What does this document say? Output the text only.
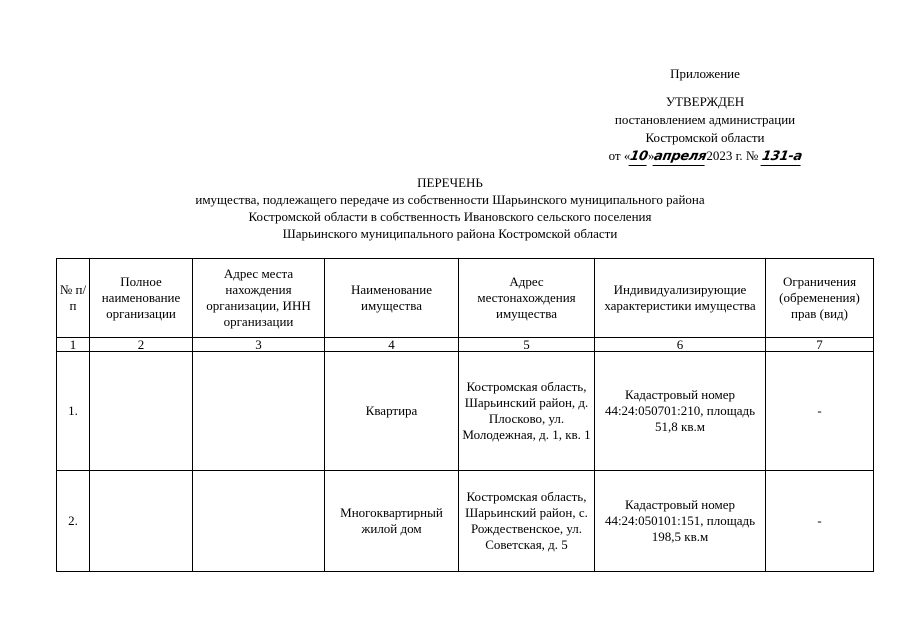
Приложение
УТВЕРЖДЕН
постановлением администрации
Костромской области
от «10»апреля2023 г. № 131-а
ПЕРЕЧЕНЬ
имущества, подлежащего передаче из собственности Шарьинского муниципального района
Костромской области в собственность Ивановского сельского поселения
Шарьинского муниципального района Костромской области
№ п/п	Полное наименование организации	Адрес места нахождения организации, ИНН организации	Наименование имущества	Адрес местонахождения имущества	Индивидуализирующие характеристики имущества	Ограничения (обременения) прав (вид)
1	2	3	4	5	6	7
1.			Квартира	Костромская область, Шарьинский район, д. Плосково, ул. Молодежная, д. 1, кв. 1	Кадастровый номер 44:24:050701:210, площадь 51,8 кв.м	-
2.			Многоквартирный жилой дом	Костромская область, Шарьинский район, с. Рождественское, ул. Советская, д. 5	Кадастровый номер 44:24:050101:151, площадь 198,5 кв.м	-
